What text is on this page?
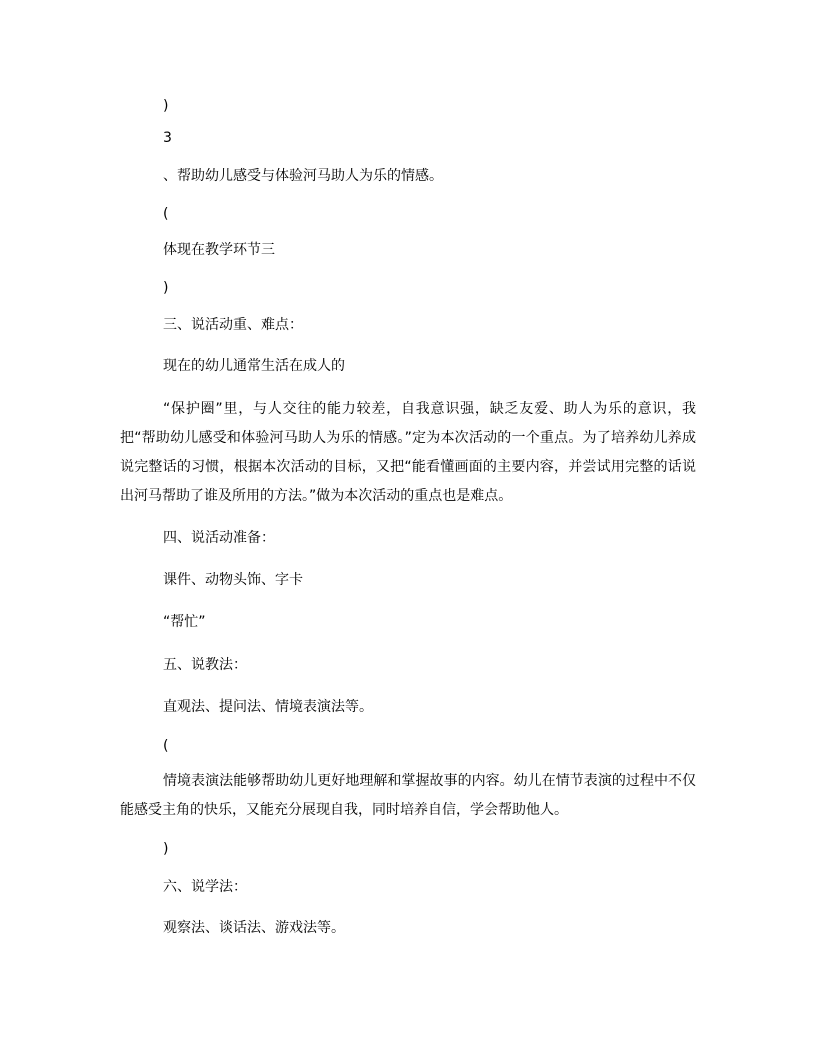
)
3
、帮助幼儿感受与体验河马助人为乐的情感。
(
体现在教学环节三
)
三、说活动重、难点：
现在的幼儿通常生活在成人的
“保护圈”里，与人交往的能力较差，自我意识强，缺乏友爱、助人为乐的意识，我把“帮助幼儿感受和体验河马助人为乐的情感。”定为本次活动的一个重点。为了培养幼儿养成说完整话的习惯，根据本次活动的目标，又把“能看懂画面的主要内容，并尝试用完整的话说出河马帮助了谁及所用的方法。”做为本次活动的重点也是难点。
四、说活动准备：
课件、动物头饰、字卡
“帮忙”
五、说教法：
直观法、提问法、情境表演法等。
(
情境表演法能够帮助幼儿更好地理解和掌握故事的内容。幼儿在情节表演的过程中不仅能感受主角的快乐，又能充分展现自我，同时培养自信，学会帮助他人。
)
六、说学法：
观察法、谈话法、游戏法等。
